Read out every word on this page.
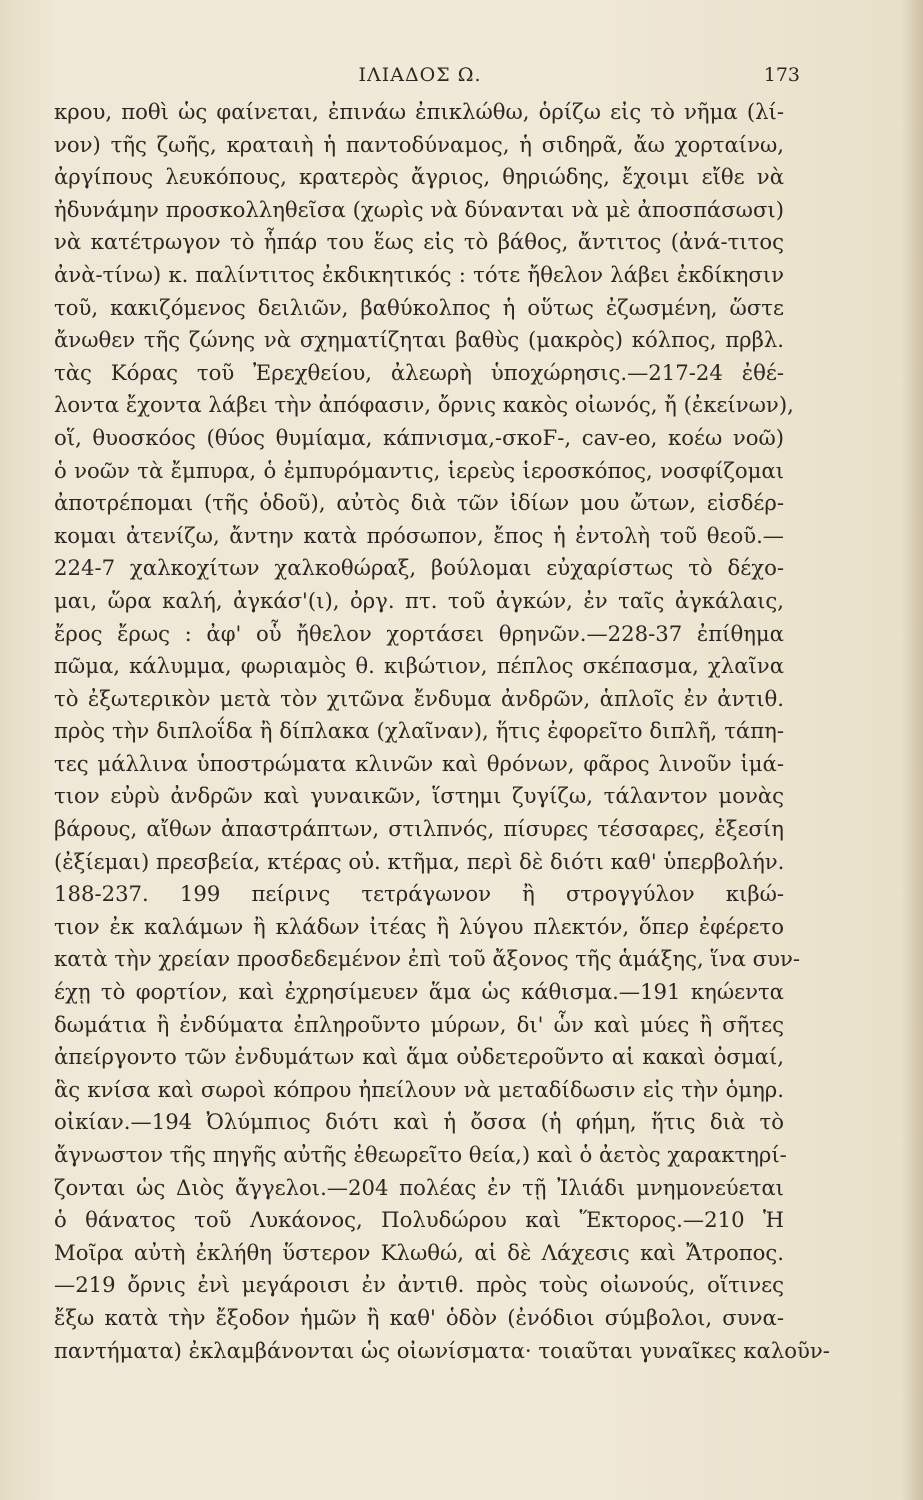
ΙΛΙΑΔΟΣ Ω.	173
κρου, ποθὶ ὡς φαίνεται, ἐπινάω ἐπικλώθω, ὁρίζω εἰς τὸ νῆμα (λί-
νον) τῆς ζωῆς, κραταιὴ ἡ παντοδύναμος, ἡ σιδηρᾶ, ἄω χορταίνω,
ἀργίπους λευκόπους, κρατερὸς ἄγριος, θηριώδης, ἔχοιμι εἴθε νὰ
ἠδυνάμην προσκολληθεῖσα (χωρὶς νὰ δύνανται νὰ μὲ ἀποσπάσωσι)
νὰ κατέτρωγον τὸ ἧπάρ του ἕως εἰς τὸ βάθος, ἄντιτος (ἀνά-τιτος
ἀνὰ-τίνω) κ. παλίντιτος ἐκδικητικός : τότε ἤθελον λάβει ἐκδίκησιν
τοῦ, κακιζόμενος δειλιῶν, βαθύκολπος ἡ οὕτως ἐζωσμένη, ὥστε
ἄνωθεν τῆς ζώνης νὰ σχηματίζηται βαθὺς (μακρὸς) κόλπος, πρβλ.
τὰς Κόρας τοῦ Ἐρεχθείου, ἀλεωρὴ ὑποχώρησις.—217-24 ἐθέ-
λοντα ἔχοντα λάβει τὴν ἀπόφασιν, ὄρνις κακὸς οἰωνός, ἤ (ἐκείνων),
οἵ, θυοσκόος (θύος θυμίαμα, κάπνισμα,-σκοϜ-, cav-eo, κοέω νοῶ)
ὁ νοῶν τὰ ἔμπυρα, ὁ ἐμπυρόμαντις, ἱερεὺς ἱεροσκόπος, νοσφίζομαι
ἀποτρέπομαι (τῆς ὁδοῦ), αὐτὸς διὰ τῶν ἰδίων μου ὤτων, εἰσδέρ-
κομαι ἀτενίζω, ἄντην κατὰ πρόσωπον, ἔπος ἡ ἐντολὴ τοῦ θεοῦ.—
224-7 χαλκοχίτων χαλκοθώραξ, βούλομαι εὐχαρίστως τὸ δέχο-
μαι, ὥρα καλή, ἀγκάσ'(ι), ὀργ. πτ. τοῦ ἀγκών, ἐν ταῖς ἀγκάλαις,
ἔρος ἔρως : ἀφ' οὗ ἤθελον χορτάσει θρηνῶν.—228-37 ἐπίθημα
πῶμα, κάλυμμα, φωριαμὸς θ. κιβώτιον, πέπλος σκέπασμα, χλαῖνα
τὸ ἐξωτερικὸν μετὰ τὸν χιτῶνα ἔνδυμα ἀνδρῶν, ἁπλοῖς ἐν ἀντιθ.
πρὸς τὴν διπλοΐδα ἢ δίπλακα (χλαῖναν), ἥτις ἐφορεῖτο διπλῆ, τάπη-
τες μάλλινα ὑποστρώματα κλινῶν καὶ θρόνων, φᾶρος λινοῦν ἱμά-
τιον εὐρὺ ἀνδρῶν καὶ γυναικῶν, ἵστημι ζυγίζω, τάλαντον μονὰς
βάρους, αἴθων ἀπαστράπτων, στιλπνός, πίσυρες τέσσαρες, ἐξεσίη
(ἐξίεμαι) πρεσβεία, κτέρας οὐ. κτῆμα, περὶ δὲ διότι καθ' ὑπερβολήν.
188-237. 199 πείρινς τετράγωνον ἢ στρογγύλον κιβώ-
τιον ἐκ καλάμων ἢ κλάδων ἰτέας ἢ λύγου πλεκτόν, ὅπερ ἐφέρετο
κατὰ τὴν χρείαν προσδεδεμένον ἐπὶ τοῦ ἄξονος τῆς ἁμάξης, ἵνα συν-
έχῃ τὸ φορτίον, καὶ ἐχρησίμευεν ἅμα ὡς κάθισμα.—191 κηώεντα
δωμάτια ἢ ἐνδύματα ἐπληροῦντο μύρων, δι' ὧν καὶ μύες ἢ σῆτες
ἀπείργοντο τῶν ἐνδυμάτων καὶ ἅμα οὐδετεροῦντο αἱ κακαὶ ὀσμαί,
ἃς κνίσα καὶ σωροὶ κόπρου ἠπείλουν νὰ μεταδίδωσιν εἰς τὴν ὁμηρ.
οἰκίαν.—194 Ὀλύμπιος διότι καὶ ἡ ὄσσα (ἡ φήμη, ἥτις διὰ τὸ
ἄγνωστον τῆς πηγῆς αὐτῆς ἐθεωρεῖτο θεία,) καὶ ὁ ἀετὸς χαρακτηρί-
ζονται ὡς Διὸς ἄγγελοι.—204 πολέας ἐν τῇ Ἰλιάδι μνημονεύεται
ὁ θάνατος τοῦ Λυκάονος, Πολυδώρου καὶ Ἕκτορος.—210 Ἡ
Μοῖρα αὐτὴ ἐκλήθη ὕστερον Κλωθώ, αἱ δὲ Λάχεσις καὶ Ἄτροπος.
—219 ὄρνις ἐνὶ μεγάροισι ἐν ἀντιθ. πρὸς τοὺς οἰωνούς, οἵτινες
ἔξω κατὰ τὴν ἔξοδον ἡμῶν ἢ καθ' ὁδὸν (ἐνόδιοι σύμβολοι, συνα-
παντήματα) ἐκλαμβάνονται ὡς οἰωνίσματα· τοιαῦται γυναῖκες καλοῦν-
